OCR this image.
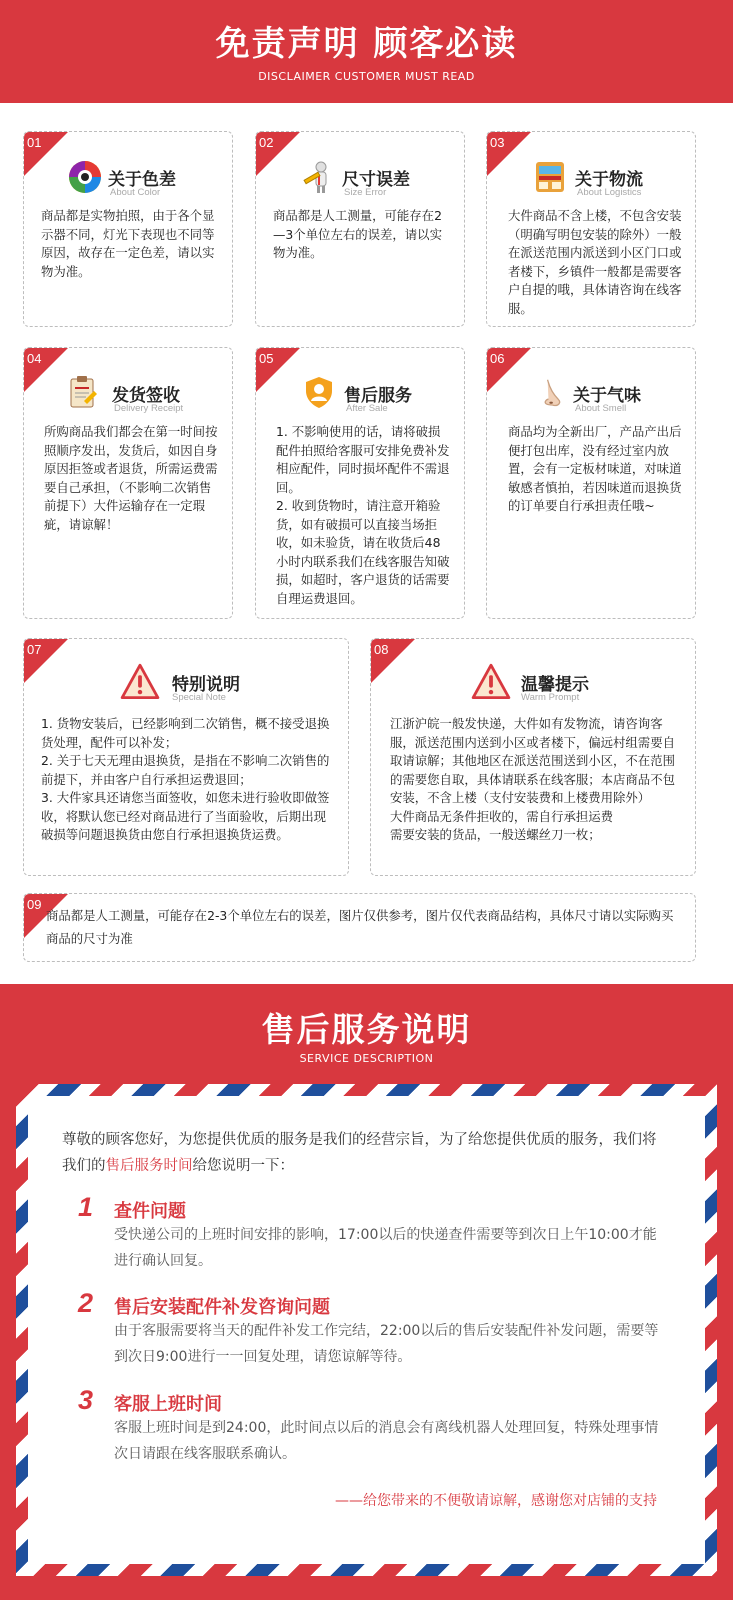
免责声明 顾客必读
DISCLAIMER CUSTOMER MUST READ
01
关于色差
About Color

商品都是实物拍照，由于各个显示器不同，灯光下表现也不同等原因，故存在一定色差，请以实物为准。

02
尺寸误差
Size Error

商品都是人工测量，可能存在2—3个单位左右的误差，请以实物为准。

03
关于物流
About Logistics

大件商品不含上楼，不包含安装（明确写明包安装的除外）一般在派送范围内派送到小区门口或者楼下，乡镇件一般都是需要客户自提的哦，具体请咨询在线客服。

04
发货签收
Delivery Receipt

所购商品我们都会在第一时间按照顺序发出，发货后，如因自身原因拒签或者退货，所需运费需要自己承担，（不影响二次销售前提下）大件运输存在一定瑕疵，请谅解！

05
售后服务
After Sale

1. 不影响使用的话，请将破损配件拍照给客服可安排免费补发相应配件，同时损坏配件不需退回。

2. 收到货物时，请注意开箱验货，如有破损可以直接当场拒收，如未验货，请在收货后48小时内联系我们在线客服告知破损，如超时，客户退货的话需要自理运费退回。

06
关于气味
About Smell

商品均为全新出厂，产品产出后便打包出库，没有经过室内放置，会有一定板材味道，对味道敏感者慎拍，若因味道而退换货的订单要自行承担责任哦~

07
特别说明
Special Note

1. 货物安装后，已经影响到二次销售，概不接受退换货处理，配件可以补发；

2. 关于七天无理由退换货，是指在不影响二次销售的前提下，并由客户自行承担运费退回；

3. 大件家具还请您当面签收，如您未进行验收即做签收，将默认您已经对商品进行了当面验收，后期出现破损等问题退换货由您自行承担退换货运费。

08
温馨提示
Warm Prompt

江浙沪皖一般发快递，大件如有发物流，请咨询客服，派送范围内送到小区或者楼下，偏远村组需要自取请谅解；其他地区在派送范围送到小区，不在范围的需要您自取，具体请联系在线客服；本店商品不包安装，不含上楼（支付安装费和上楼费用除外）

大件商品无条件拒收的，需自行承担运费

需要安装的货品，一般送螺丝刀一枚；

09

商品都是人工测量，可能存在2-3个单位左右的误差，图片仅供参考，图片仅代表商品结构，具体尺寸请以实际购买商品的尺寸为准

售后服务说明
SERVICE DESCRIPTION
尊敬的顾客您好，为您提供优质的服务是我们的经营宗旨，为了给您提供优质的服务，我们将我们的售后服务时间给您说明一下：
1 查件问题
受快递公司的上班时间安排的影响，17:00以后的快递查件需要等到次日上午10:00才能进行确认回复。
2 售后安装配件补发咨询问题
由于客服需要将当天的配件补发工作完结，22:00以后的售后安装配件补发问题，需要等到次日9:00进行一一回复处理，请您谅解等待。
3 客服上班时间
客服上班时间是到24:00，此时间点以后的消息会有离线机器人处理回复，特殊处理事情 次日请跟在线客服联系确认。
——给您带来的不便敬请谅解，感谢您对店铺的支持
